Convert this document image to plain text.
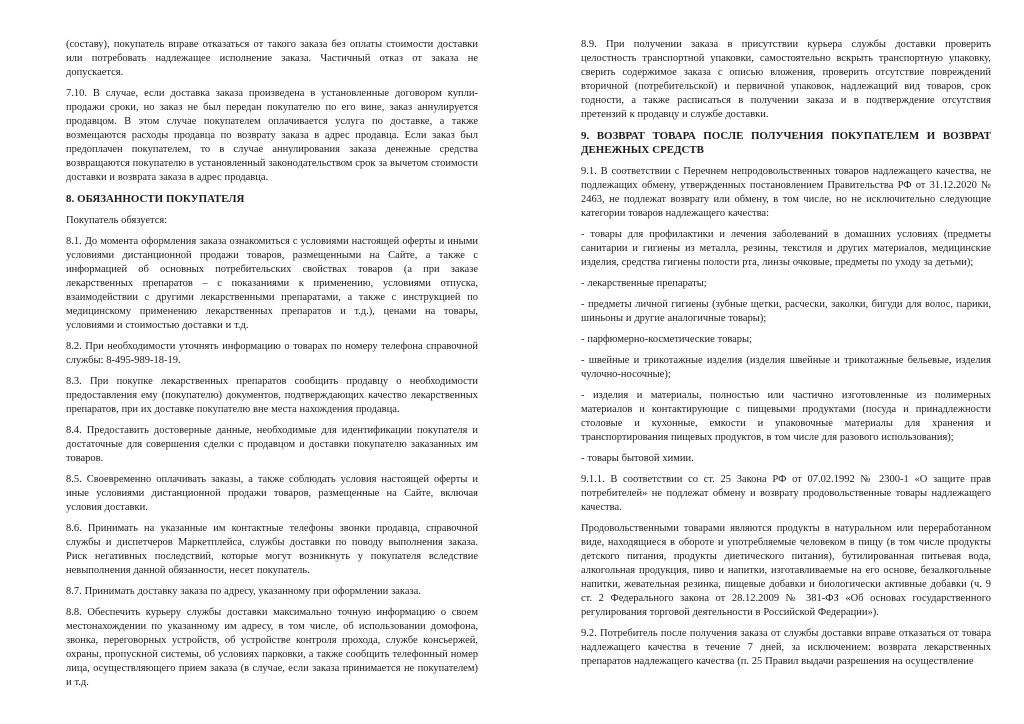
(составу), покупатель вправе отказаться от такого заказа без оплаты стоимости доставки или потребовать надлежащее исполнение заказа. Частичный отказ от заказа не допускается.

7.10. В случае, если доставка заказа произведена в установленные договором купли-продажи сроки, но заказ не был передан покупателю по его вине, заказ аннулируется продавцом. В этом случае покупателем оплачивается услуга по доставке, а также возмещаются расходы продавца по возврату заказа в адрес продавца. Если заказ был предоплачен покупателем, то в случае аннулирования заказа денежные средства возвращаются покупателю в установленный законодательством срок за вычетом стоимости доставки и возврата заказа в адрес продавца.

8. ОБЯЗАННОСТИ ПОКУПАТЕЛЯ

Покупатель обязуется:

8.1. До момента оформления заказа ознакомиться с условиями настоящей оферты и иными условиями дистанционной продажи товаров, размещенными на Сайте, а также с информацией об основных потребительских свойствах товаров (а при заказе лекарственных препаратов – с показаниями к применению, условиями отпуска, взаимодействии с другими лекарственными препаратами, а также с инструкцией по медицинскому применению лекарственных препаратов и т.д.), ценами на товары, условиями и стоимостью доставки и т.д.

8.2. При необходимости уточнять информацию о товарах по номеру телефона справочной службы: 8-495-989-18-19.

8.3. При покупке лекарственных препаратов сообщить продавцу о необходимости предоставления ему (покупателю) документов, подтверждающих качество лекарственных препаратов, при их доставке покупателю вне места нахождения продавца.

8.4. Предоставить достоверные данные, необходимые для идентификации покупателя и достаточные для совершения сделки с продавцом и доставки покупателю заказанных им товаров.

8.5. Своевременно оплачивать заказы, а также соблюдать условия настоящей оферты и иные условиями дистанционной продажи товаров, размещенные на Сайте, включая условия доставки.

8.6. Принимать на указанные им контактные телефоны звонки продавца, справочной службы и диспетчеров Маркетплейса, службы доставки по поводу выполнения заказа. Риск негативных последствий, которые могут возникнуть у покупателя вследствие невыполнения данной обязанности, несет покупатель.

8.7. Принимать доставку заказа по адресу, указанному при оформлении заказа.

8.8. Обеспечить курьеру службы доставки максимально точную информацию о своем местонахождении по указанному им адресу, в том числе, об использовании домофона, звонка, переговорных устройств, об устройстве контроля прохода, службе консьержей, охраны, пропускной системы, об условиях парковки, а также сообщить телефонный номер лица, осуществляющего прием заказа (в случае, если заказа принимается не покупателем) и т.д.

8.9. При получении заказа в присутствии курьера службы доставки проверить целостность транспортной упаковки, самостоятельно вскрыть транспортную упаковку, сверить содержимое заказа с описью вложения, проверить отсутствие повреждений вторичной (потребительской) и первичной упаковок, надлежащий вид товаров, срок годности, а также расписаться в получении заказа и в подтверждение отсутствия претензий к продавцу и службе доставки.

9. ВОЗВРАТ ТОВАРА ПОСЛЕ ПОЛУЧЕНИЯ ПОКУПАТЕЛЕМ И ВОЗВРАТ ДЕНЕЖНЫХ СРЕДСТВ

9.1. В соответствии с Перечнем непродовольственных товаров надлежащего качества, не подлежащих обмену, утвержденных постановлением Правительства РФ от 31.12.2020 № 2463, не подлежат возврату или обмену, в том числе, но не исключительно следующие категории товаров надлежащего качества:

- товары для профилактики и лечения заболеваний в домашних условиях (предметы санитарии и гигиены из металла, резины, текстиля и других материалов, медицинские изделия, средства гигиены полости рта, линзы очковые, предметы по уходу за детьми);

- лекарственные препараты;

- предметы личной гигиены (зубные щетки, расчески, заколки, бигуди для волос, парики, шиньоны и другие аналогичные товары);

- парфюмерно-косметические товары;

- швейные и трикотажные изделия (изделия швейные и трикотажные бельевые, изделия чулочно-носочные);

- изделия и материалы, полностью или частично изготовленные из полимерных материалов и контактирующие с пищевыми продуктами (посуда и принадлежности столовые и кухонные, емкости и упаковочные материалы для хранения и транспортирования пищевых продуктов, в том числе для разового использования);

- товары бытовой химии.

9.1.1. В соответствии со ст. 25 Закона РФ от 07.02.1992 № 2300-1 «О защите прав потребителей» не подлежат обмену и возврату продовольственные товары надлежащего качества.

Продовольственными товарами являются продукты в натуральном или переработанном виде, находящиеся в обороте и употребляемые человеком в пищу (в том числе продукты детского питания, продукты диетического питания), бутилированная питьевая вода, алкогольная продукция, пиво и напитки, изготавливаемые на его основе, безалкогольные напитки, жевательная резинка, пищевые добавки и биологически активные добавки (ч. 9 ст. 2 Федерального закона от 28.12.2009 № 381-ФЗ «Об основах государственного регулирования торговой деятельности в Российской Федерации»).

9.2. Потребитель после получения заказа от службы доставки вправе отказаться от товара надлежащего качества в течение 7 дней, за исключением: возврата лекарственных препаратов надлежащего качества (п. 25 Правил выдачи разрешения на осуществление
